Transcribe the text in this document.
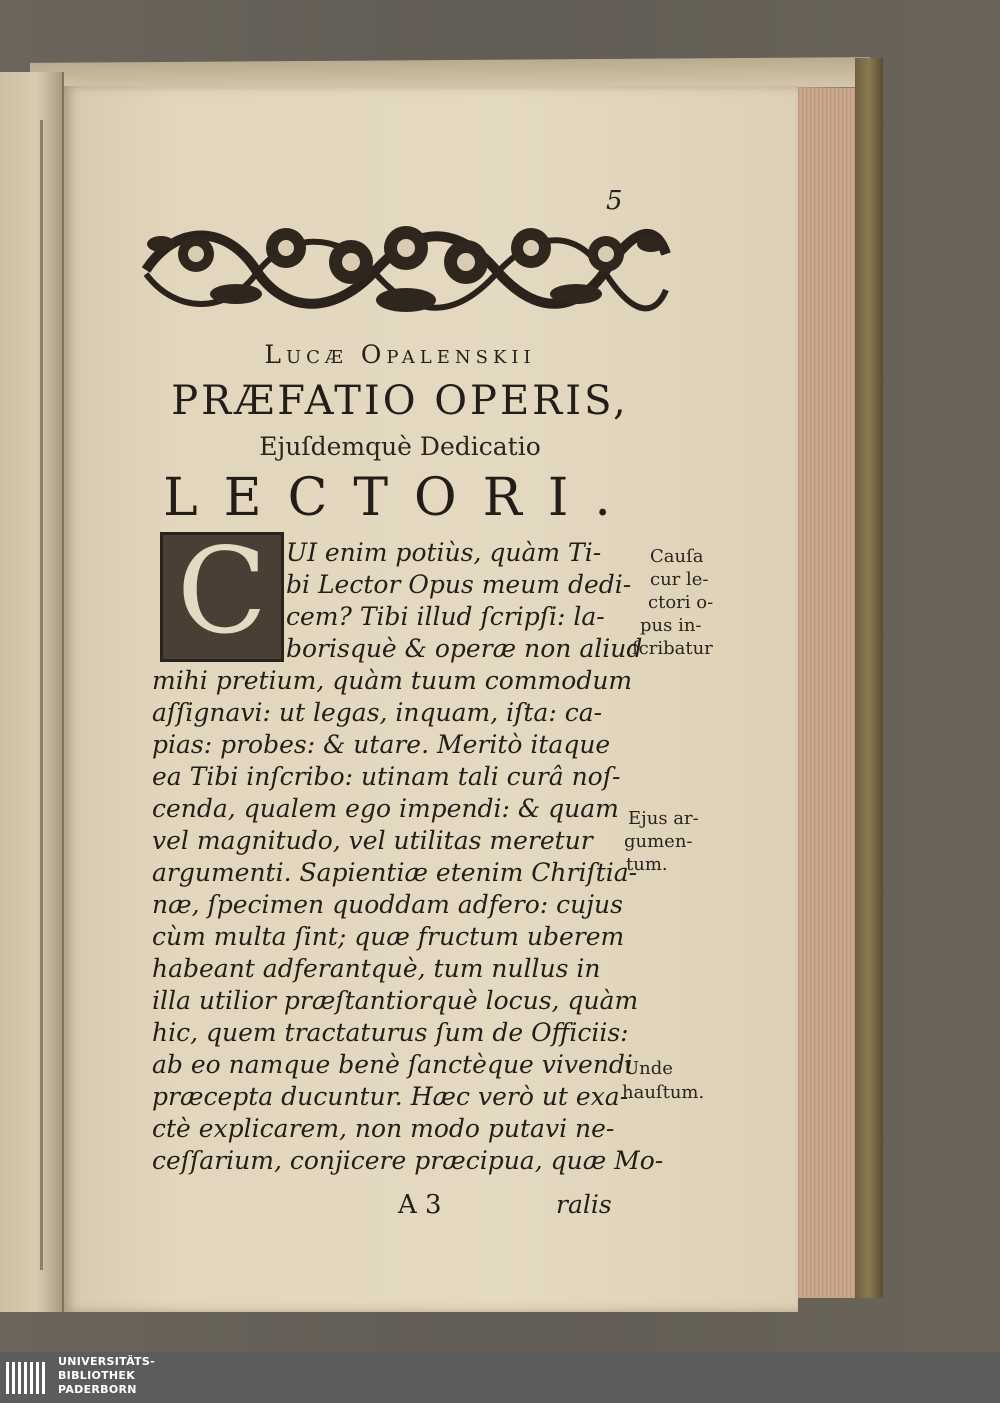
5
Lucæ Opalenskii
PRÆFATIO OPERIS,
Ejuſdemquè Dedicatio
LECTORI.
C UI enim potiùs, quàm Ti-
bi Lector Opus meum dedi-
cem? Tibi illud ſcripſi: la-
borisquè & operæ non aliud
mihi pretium, quàm tuum commodum
aſſignavi: ut legas, inquam, iſta: ca-
pias: probes: & utare. Meritò itaque
ea Tibi inſcribo: utinam tali curâ noſ-
cenda, qualem ego impendi: & quam
vel magnitudo, vel utilitas meretur
argumenti. Sapientiæ etenim Chriſtia-
næ, ſpecimen quoddam adfero: cujus
cùm multa ſint; quæ fructum uberem
habeant adferantquè, tum nullus in
illa utilior præſtantiorquè locus, quàm
hic, quem tractaturus ſum de Officiis:
ab eo namque benè ſanctèque vivendi
præcepta ducuntur. Hæc verò ut exa-
ctè explicarem, non modo putavi ne-
ceſſarium, conjicere præcipua, quæ Mo-
Cauſa
cur le-
ctori o-
pus in-
ſcribatur
Ejus ar-
gumen-
tum.
Unde
hauſtum.
A 3	ralis
UNIVERSITÄTS-
BIBLIOTHEK
PADERBORN
